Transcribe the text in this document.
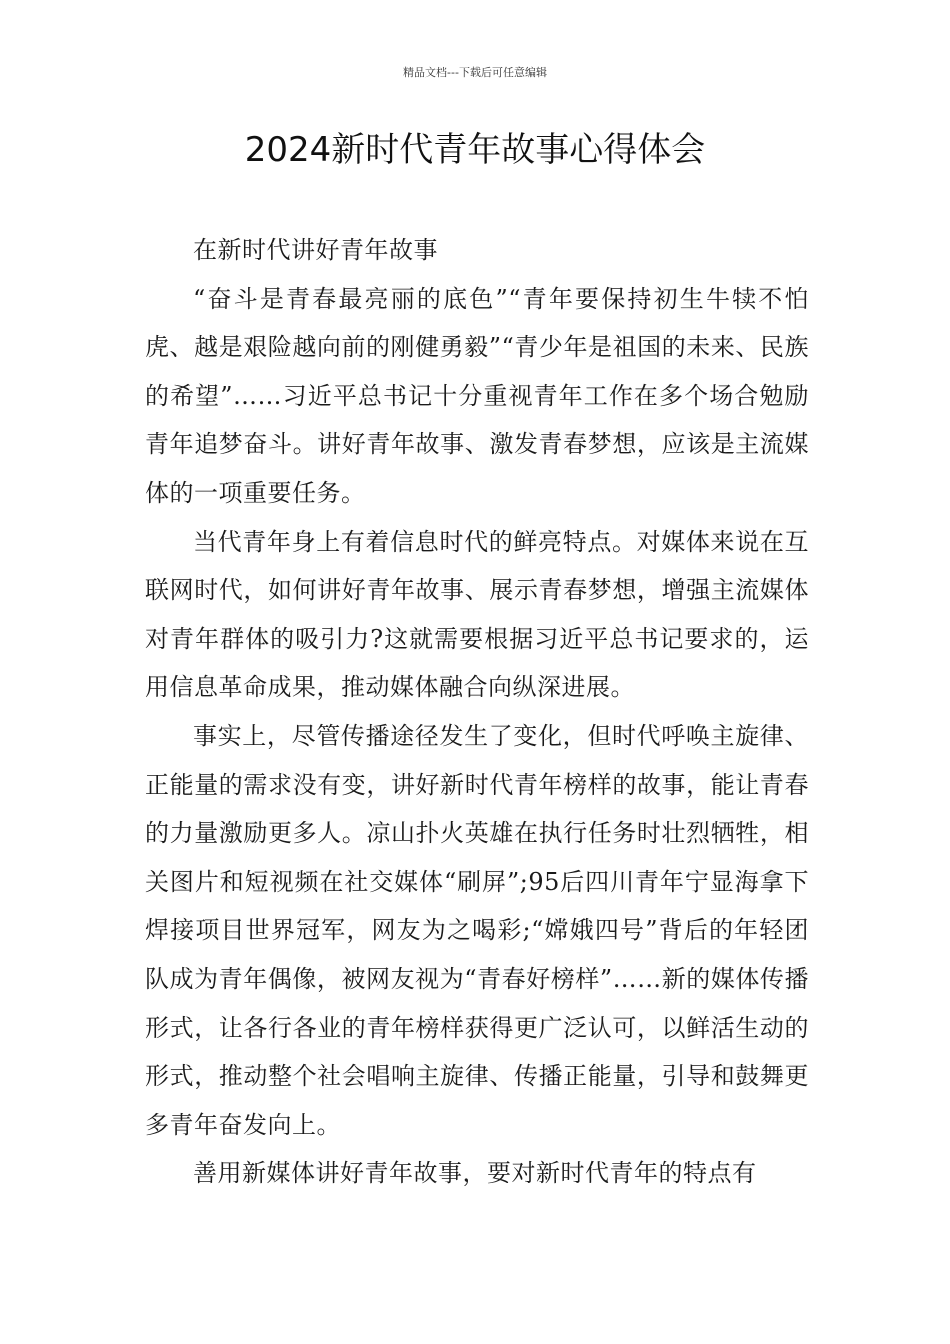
精品文档---下载后可任意编辑
2024新时代青年故事心得体会

在新时代讲好青年故事

“奋斗是青春最亮丽的底色”“青年要保持初生牛犊不怕虎、越是艰险越向前的刚健勇毅”“青少年是祖国的未来、民族的希望”……习近平总书记十分重视青年工作在多个场合勉励青年追梦奋斗。讲好青年故事、激发青春梦想，应该是主流媒体的一项重要任务。

当代青年身上有着信息时代的鲜亮特点。对媒体来说在互联网时代，如何讲好青年故事、展示青春梦想，增强主流媒体对青年群体的吸引力?这就需要根据习近平总书记要求的，运用信息革命成果，推动媒体融合向纵深进展。

事实上，尽管传播途径发生了变化，但时代呼唤主旋律、正能量的需求没有变，讲好新时代青年榜样的故事，能让青春的力量激励更多人。凉山扑火英雄在执行任务时壮烈牺牲，相关图片和短视频在社交媒体“刷屏”;95后四川青年宁显海拿下焊接项目世界冠军，网友为之喝彩;“嫦娥四号”背后的年轻团队成为青年偶像，被网友视为“青春好榜样”……新的媒体传播形式，让各行各业的青年榜样获得更广泛认可，以鲜活生动的形式，推动整个社会唱响主旋律、传播正能量，引导和鼓舞更多青年奋发向上。

善用新媒体讲好青年故事，要对新时代青年的特点有
